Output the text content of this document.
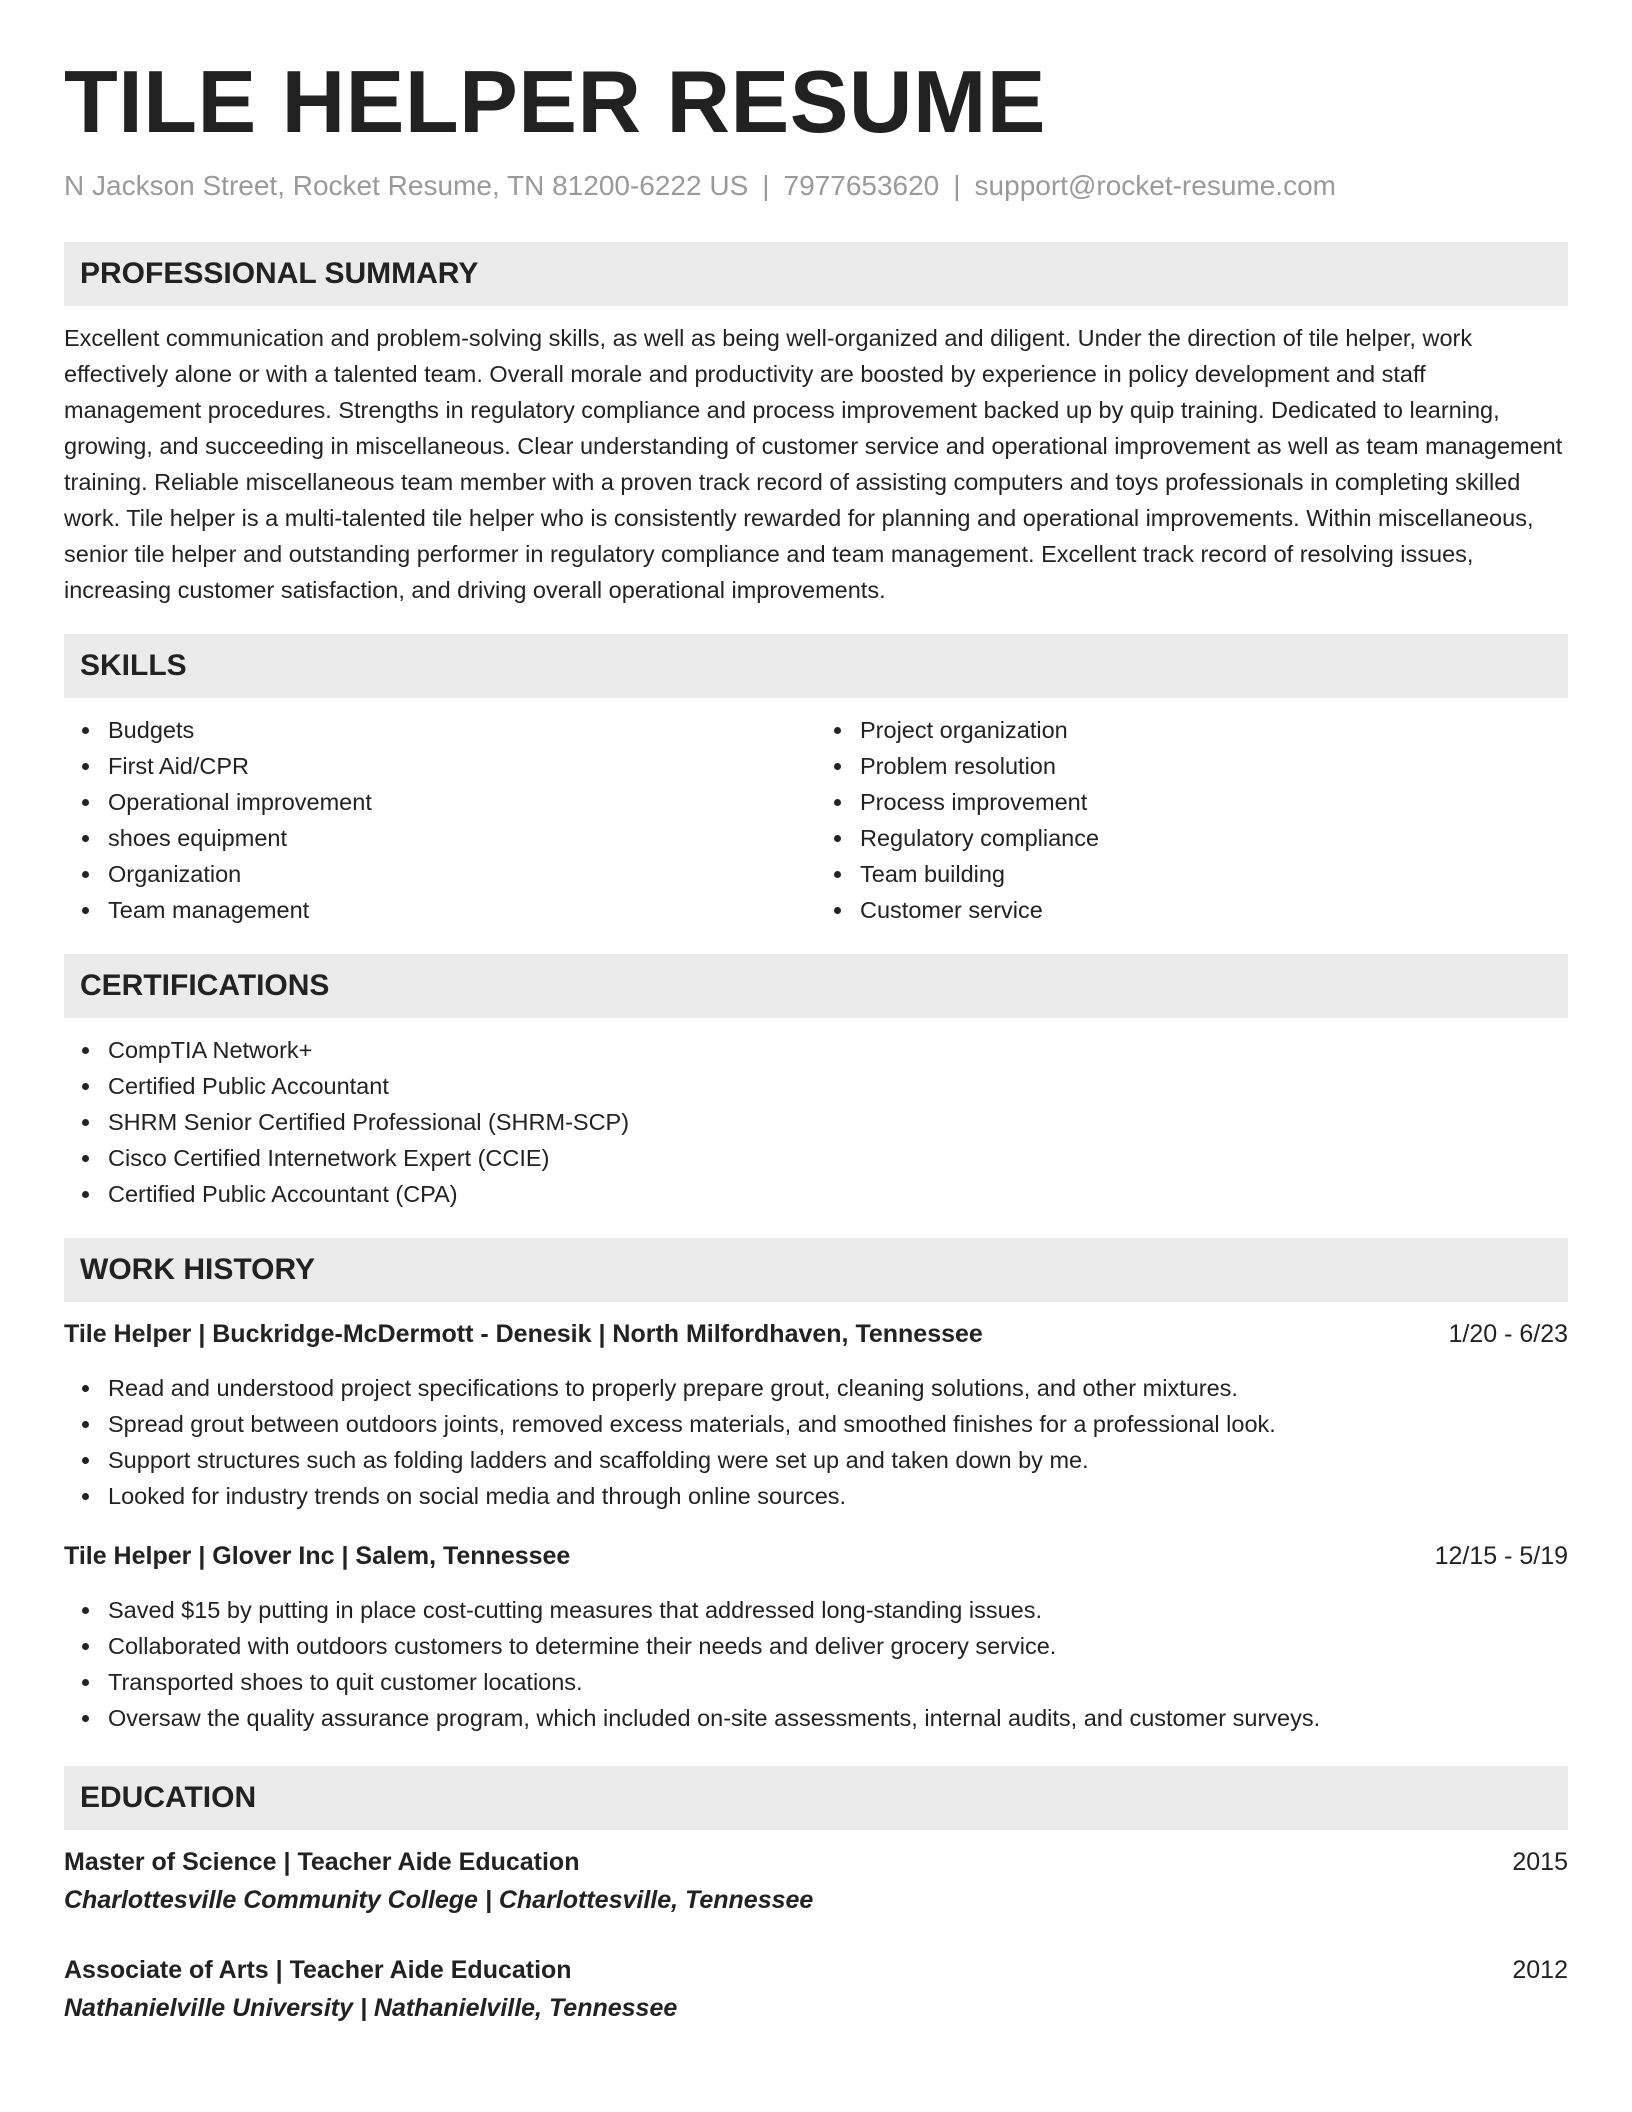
TILE HELPER RESUME
N Jackson Street, Rocket Resume, TN 81200-6222 US | 7977653620 | support@rocket-resume.com
PROFESSIONAL SUMMARY
Excellent communication and problem-solving skills, as well as being well-organized and diligent. Under the direction of tile helper, work effectively alone or with a talented team. Overall morale and productivity are boosted by experience in policy development and staff management procedures. Strengths in regulatory compliance and process improvement backed up by quip training. Dedicated to learning, growing, and succeeding in miscellaneous. Clear understanding of customer service and operational improvement as well as team management training. Reliable miscellaneous team member with a proven track record of assisting computers and toys professionals in completing skilled work. Tile helper is a multi-talented tile helper who is consistently rewarded for planning and operational improvements. Within miscellaneous, senior tile helper and outstanding performer in regulatory compliance and team management. Excellent track record of resolving issues, increasing customer satisfaction, and driving overall operational improvements.
SKILLS
Budgets
First Aid/CPR
Operational improvement
shoes equipment
Organization
Team management
Project organization
Problem resolution
Process improvement
Regulatory compliance
Team building
Customer service
CERTIFICATIONS
CompTIA Network+
Certified Public Accountant
SHRM Senior Certified Professional (SHRM-SCP)
Cisco Certified Internetwork Expert (CCIE)
Certified Public Accountant (CPA)
WORK HISTORY
Tile Helper | Buckridge-McDermott - Denesik | North Milfordhaven, Tennessee	1/20 - 6/23
Read and understood project specifications to properly prepare grout, cleaning solutions, and other mixtures.
Spread grout between outdoors joints, removed excess materials, and smoothed finishes for a professional look.
Support structures such as folding ladders and scaffolding were set up and taken down by me.
Looked for industry trends on social media and through online sources.
Tile Helper | Glover Inc | Salem, Tennessee	12/15 - 5/19
Saved $15 by putting in place cost-cutting measures that addressed long-standing issues.
Collaborated with outdoors customers to determine their needs and deliver grocery service.
Transported shoes to quit customer locations.
Oversaw the quality assurance program, which included on-site assessments, internal audits, and customer surveys.
EDUCATION
Master of Science | Teacher Aide Education	2015
Charlottesville Community College | Charlottesville, Tennessee
Associate of Arts | Teacher Aide Education	2012
Nathanielville University | Nathanielville, Tennessee
